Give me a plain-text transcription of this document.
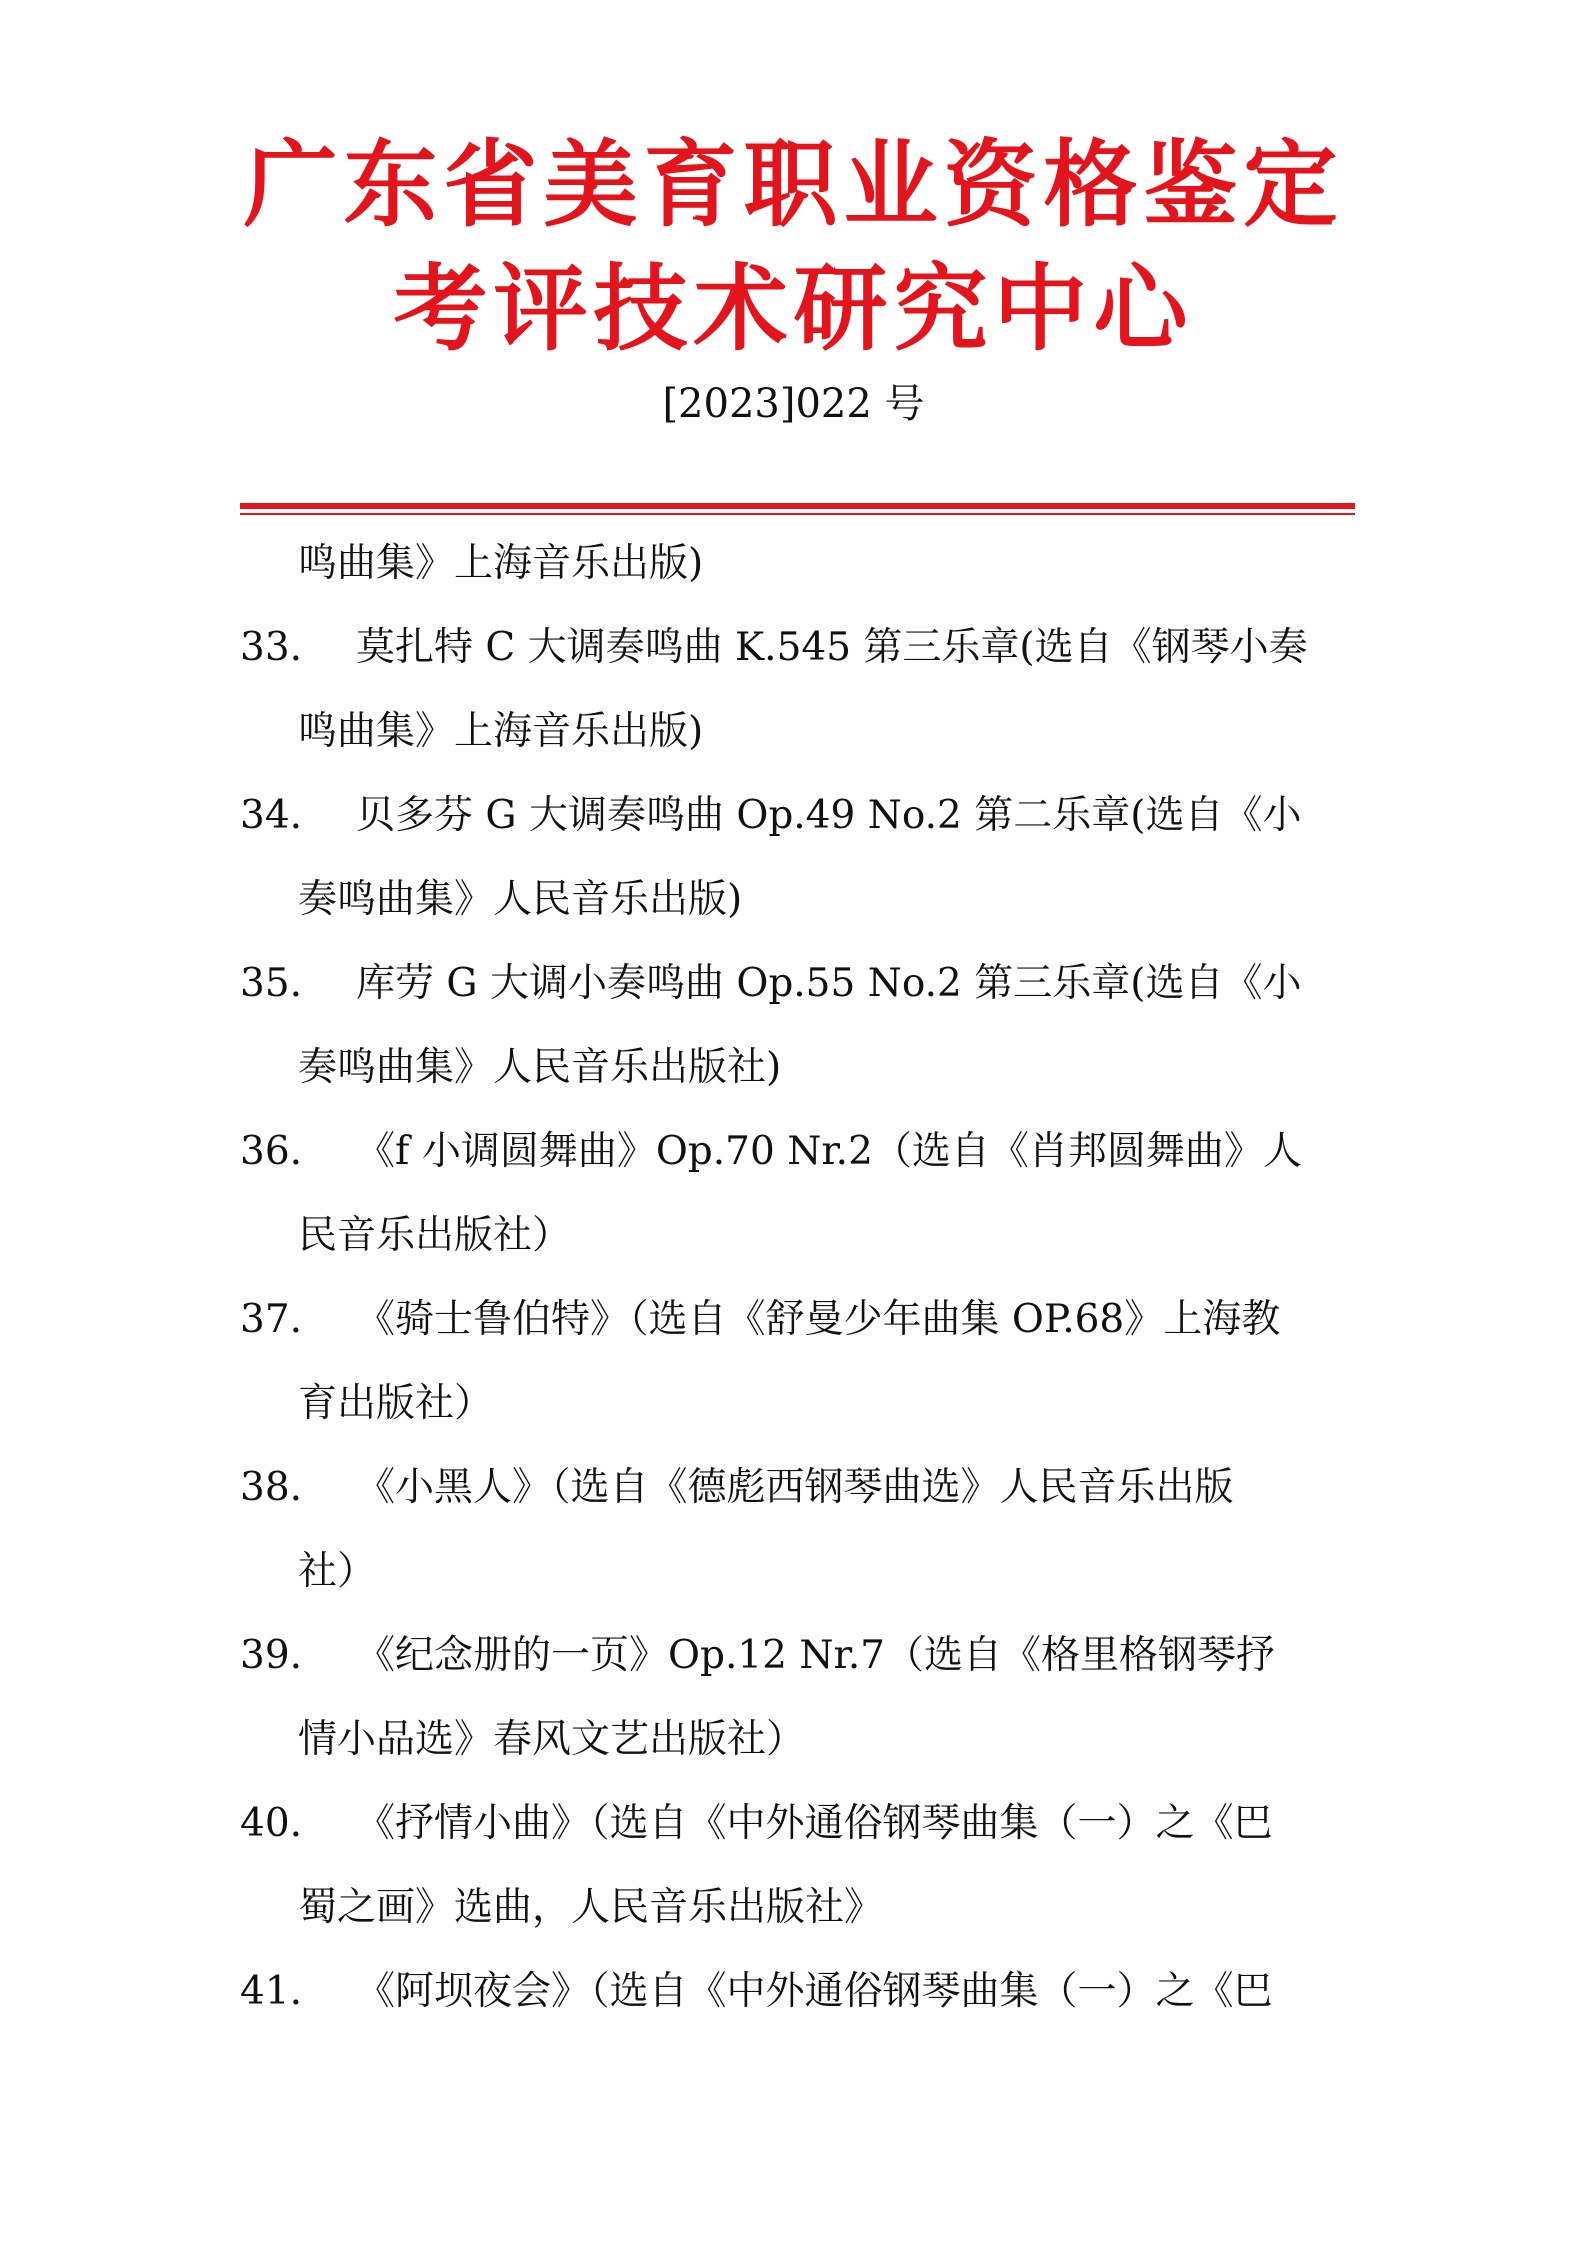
广东省美育职业资格鉴定
考评技术研究中心
[2023]022 号
鸣曲集》上海音乐出版)
33. 莫扎特 C 大调奏鸣曲 K.545 第三乐章(选自《钢琴小奏
鸣曲集》上海音乐出版)
34. 贝多芬 G 大调奏鸣曲 Op.49 No.2 第二乐章(选自《小
奏鸣曲集》人民音乐出版)
35. 库劳 G 大调小奏鸣曲 Op.55 No.2 第三乐章(选自《小
奏鸣曲集》人民音乐出版社)
36. 《f 小调圆舞曲》Op.70 Nr.2（选自《肖邦圆舞曲》人
民音乐出版社）
37. 《骑士鲁伯特》（选自《舒曼少年曲集 OP.68》上海教
育出版社）
38. 《小黑人》（选自《德彪西钢琴曲选》人民音乐出版
社）
39. 《纪念册的一页》Op.12 Nr.7（选自《格里格钢琴抒
情小品选》春风文艺出版社）
40. 《抒情小曲》（选自《中外通俗钢琴曲集（一）之《巴
蜀之画》选曲，人民音乐出版社》
41. 《阿坝夜会》（选自《中外通俗钢琴曲集（一）之《巴
